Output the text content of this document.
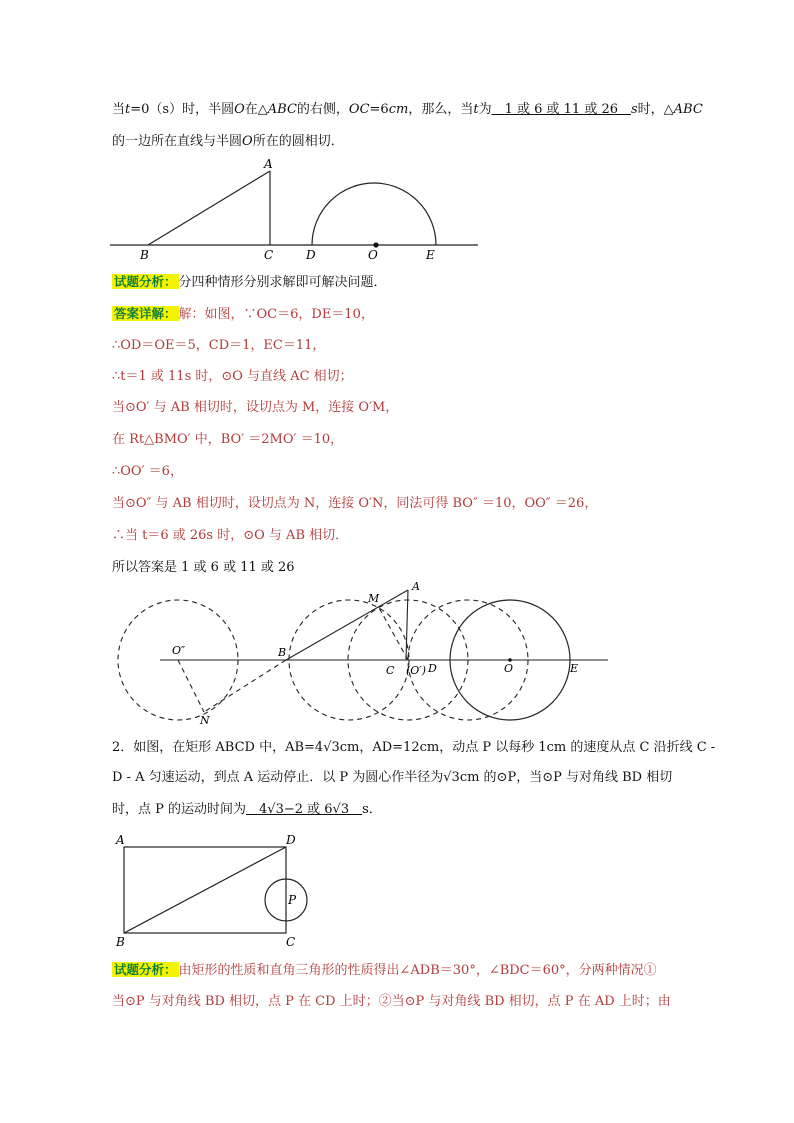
当t=0（s）时，半圆O在△ABC的右侧，OC=6cm，那么，当t为　1 或 6 或 11 或 26　s时，△ABC
的一边所在直线与半圆O所在的圆相切．
A
B	C	D	O	E
试题分析： 分四种情形分别求解即可解决问题．
答案详解： 解：如图，∵OC＝6，DE＝10，
∴OD＝OE＝5，CD＝1，EC＝11，
∴t＝1 或 11s 时，⊙O 与直线 AC 相切；
当⊙O′ 与 AB 相切时，设切点为 M，连接 O′M，
在 Rt△BMO′ 中，BO′ ＝2MO′ ＝10，
∴OO′ ＝6，
当⊙O″ 与 AB 相切时，设切点为 N，连接 O′N，同法可得 BO″ ＝10，OO″ ＝26，
∴当 t＝6 或 26s 时，⊙O 与 AB 相切．
所以答案是 1 或 6 或 11 或 26
A
M
O″	B
C (O′) D	O	E
N
2．如图，在矩形 ABCD 中，AB=4√3cm，AD=12cm，动点 P 以每秒 1cm 的速度从点 C 沿折线 C -
D - A 匀速运动，到点 A 运动停止．以 P 为圆心作半径为√3cm 的⊙P，当⊙P 与对角线 BD 相切
时，点 P 的运动时间为　4√3−2 或 6√3　s．
A	D
P
B	C
试题分析： 由矩形的性质和直角三角形的性质得出∠ADB＝30°，∠BDC＝60°，分两种情况①
当⊙P 与对角线 BD 相切，点 P 在 CD 上时；②当⊙P 与对角线 BD 相切，点 P 在 AD 上时；由
